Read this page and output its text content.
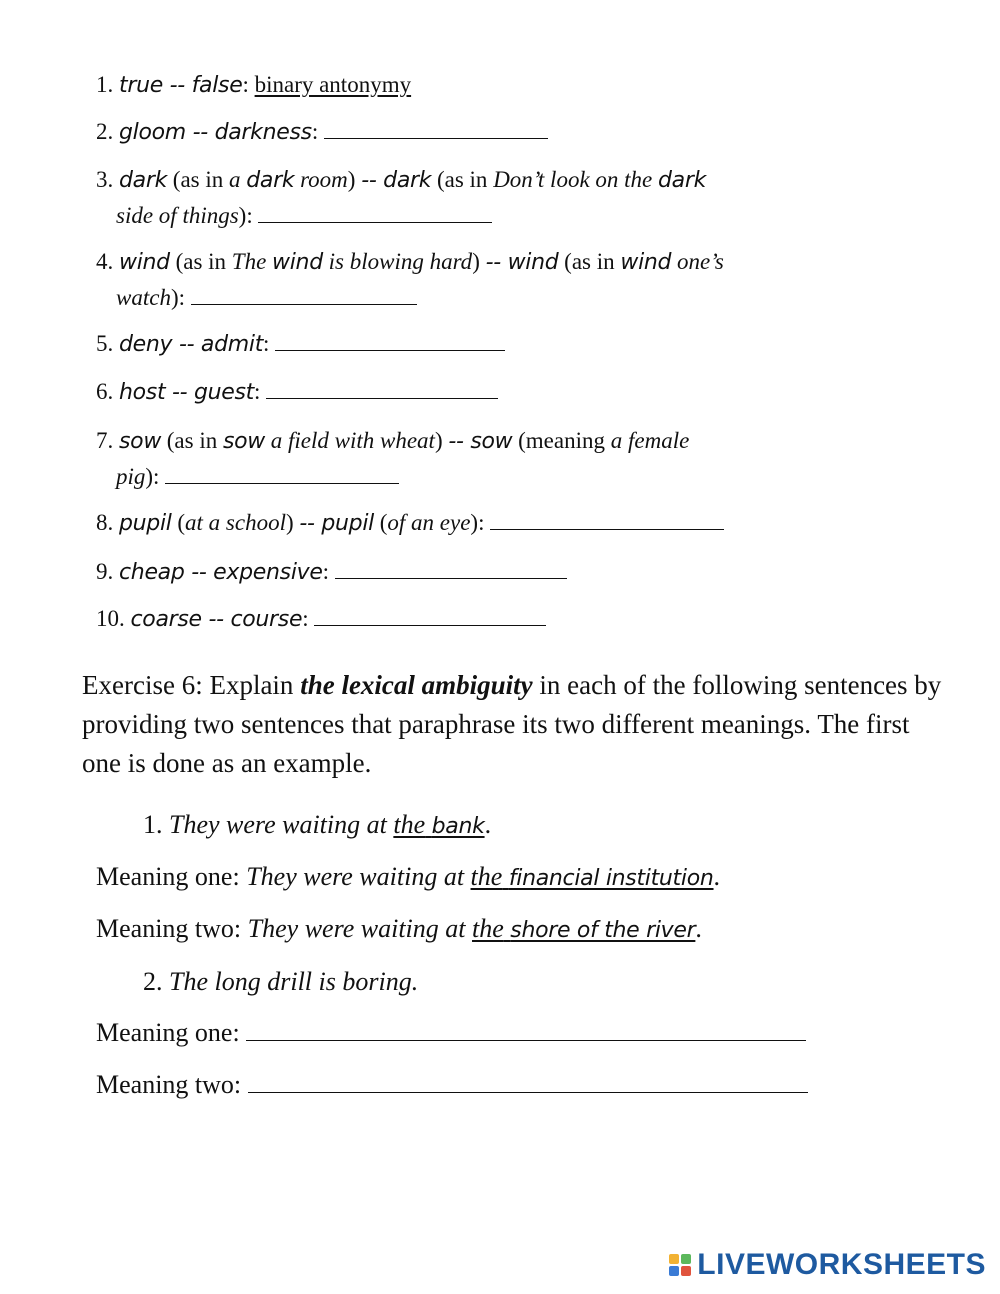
1. true -- false: binary antonymy
2. gloom -- darkness:
3. dark (as in a dark room) -- dark (as in Don’t look on the dark
side of things):
4. wind (as in The wind is blowing hard) -- wind (as in wind one’s
watch):
5. deny -- admit:
6. host -- guest:
7. sow (as in sow a field with wheat) -- sow (meaning a female
pig):
8. pupil (at a school) -- pupil (of an eye):
9. cheap -- expensive:
10. coarse -- course:
Exercise 6: Explain the lexical ambiguity in each of the following sentences by providing two sentences that paraphrase its two different meanings. The first one is done as an example.
1. They were waiting at the bank.
Meaning one: They were waiting at the financial institution.
Meaning two: They were waiting at the shore of the river.
2. The long drill is boring.
Meaning one:
Meaning two:
LIVEWORKSHEETS
